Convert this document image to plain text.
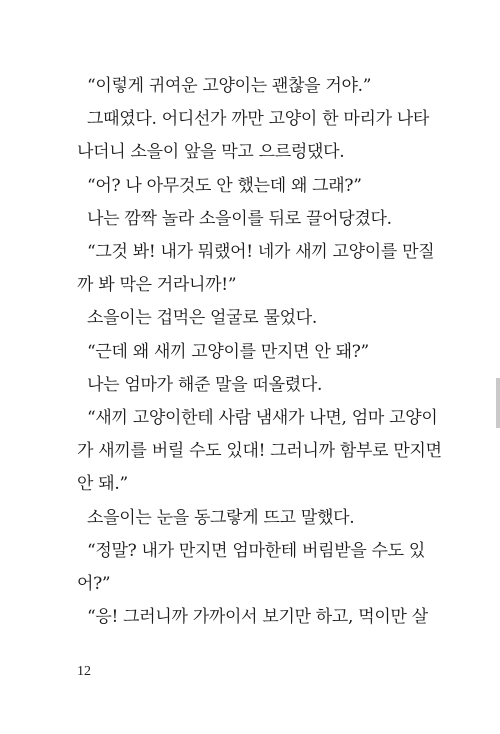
“이렇게 귀여운 고양이는 괜찮을 거야.”
그때였다. 어디선가 까만 고양이 한 마리가 나타
나더니 소을이 앞을 막고 으르렁댔다.
“어? 나 아무것도 안 했는데 왜 그래?”
나는 깜짝 놀라 소을이를 뒤로 끌어당겼다.
“그것 봐! 내가 뭐랬어! 네가 새끼 고양이를 만질
까 봐 막은 거라니까!”
소을이는 겁먹은 얼굴로 물었다.
“근데 왜 새끼 고양이를 만지면 안 돼?”
나는 엄마가 해준 말을 떠올렸다.
“새끼 고양이한테 사람 냄새가 나면, 엄마 고양이
가 새끼를 버릴 수도 있대! 그러니까 함부로 만지면
안 돼.”
소을이는 눈을 동그랗게 뜨고 말했다.
“정말? 내가 만지면 엄마한테 버림받을 수도 있
어?”
“응! 그러니까 가까이서 보기만 하고, 먹이만 살
12
